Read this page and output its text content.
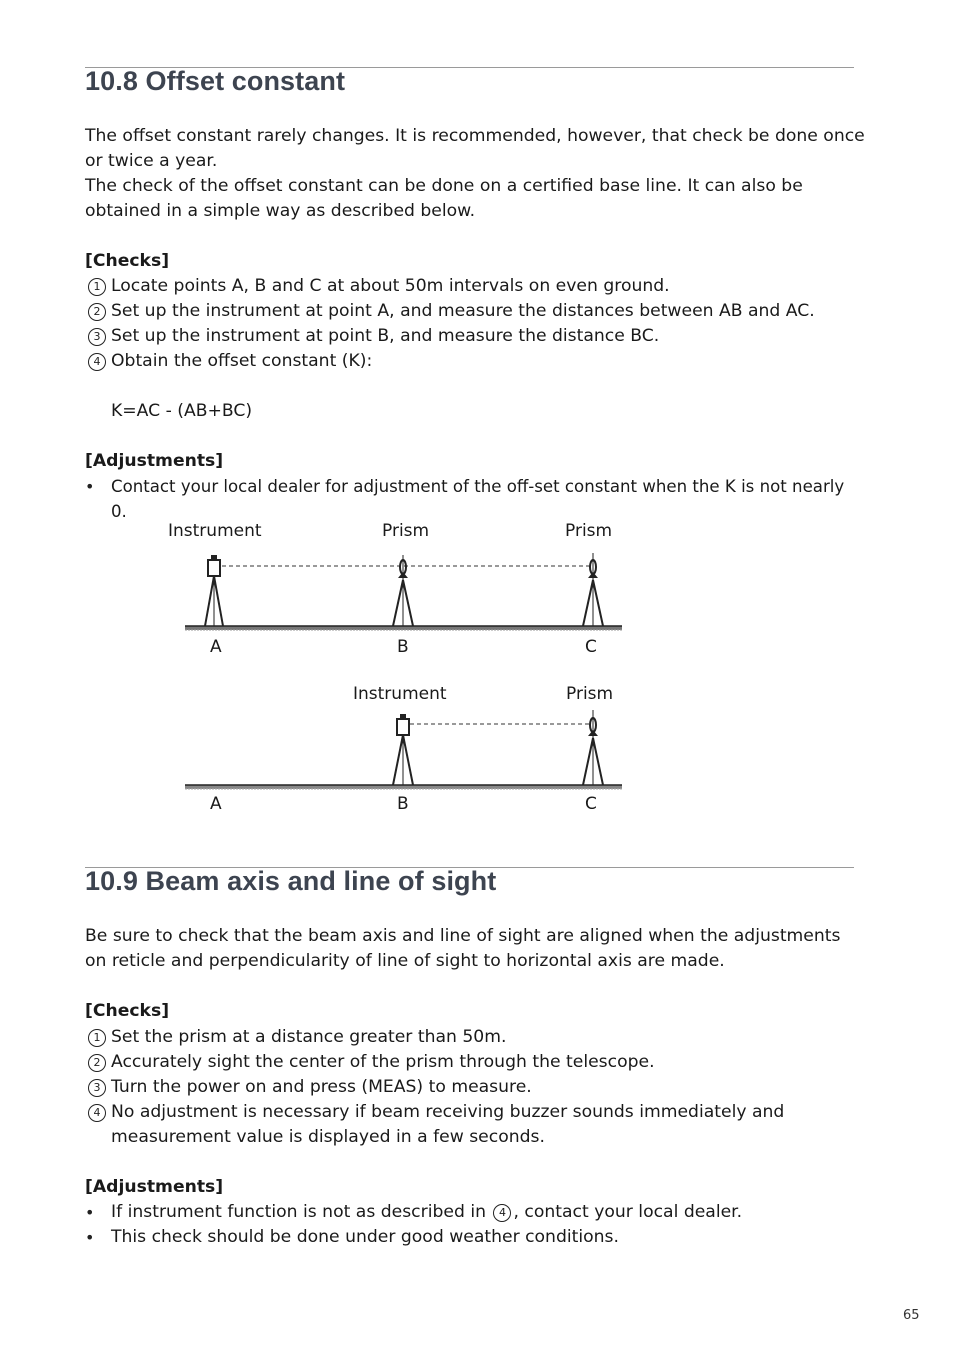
10.8 Offset constant

The offset constant rarely changes. It is recommended, however, that check be done once

or twice a year.

The check of the offset constant can be done on a certified base line. It can also be

obtained in a simple way as described below.

[Checks]

1 Locate points A, B and C at about 50m intervals on even ground.

2 Set up the instrument at point A, and measure the distances between AB and AC.

3 Set up the instrument at point B, and measure the distance BC.

4 Obtain the offset constant (K):

K=AC - (AB+BC)

[Adjustments]

• Contact your local dealer for adjustment of the off-set constant when the K is not nearly 0.

Instrument	Prism	Prism
A	B	C
Instrument	Prism
A	B	C
10.9 Beam axis and line of sight

Be sure to check that the beam axis and line of sight are aligned when the adjustments

on reticle and perpendicularity of line of sight to horizontal axis are made.

[Checks]

1 Set the prism at a distance greater than 50m.

2 Accurately sight the center of the prism through the telescope.

3 Turn the power on and press (MEAS) to measure.

4 No adjustment is necessary if beam receiving buzzer sounds immediately and

measurement value is displayed in a few seconds.

[Adjustments]

• If instrument function is not as described in 4 , contact your local dealer.

• This check should be done under good weather conditions.

65
